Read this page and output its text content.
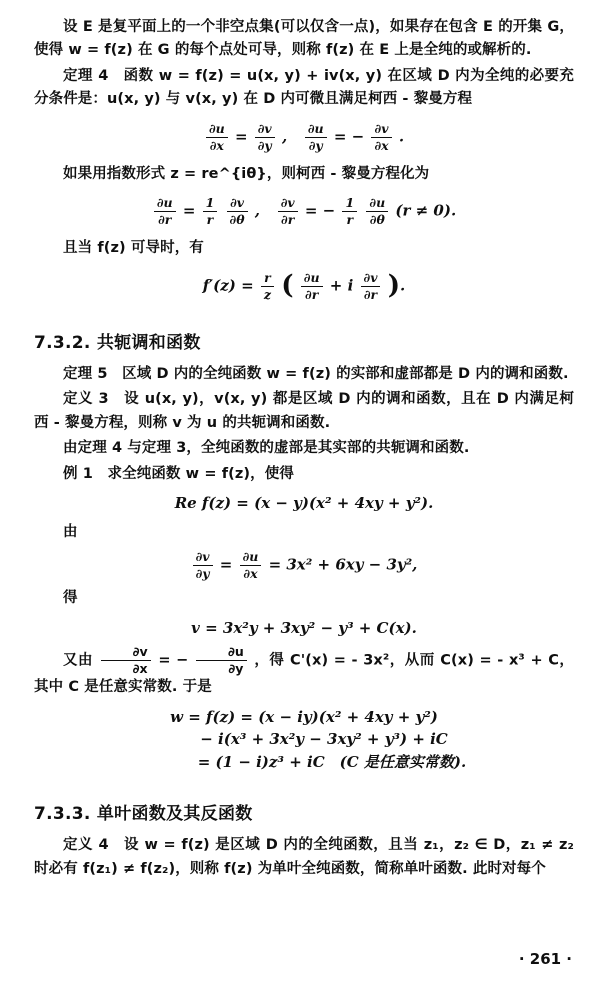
设 E 是复平面上的一个非空点集(可以仅含一点)，如果存在包含 E 的开集 G，使得 w = f(z) 在 G 的每个点处可导，则称 f(z) 在 E 上是全纯的或解析的.

定理 4　函数 w = f(z) = u(x, y) + iv(x, y) 在区域 D 内为全纯的必要充分条件是：u(x, y) 与 v(x, y) 在 D 内可微且满足柯西 - 黎曼方程

$\frac{\partial u}{\partial x} = \frac{\partial v}{\partial y}$ , $\frac{\partial u}{\partial y}$ = − $\frac{\partial v}{\partial x}$ .

如果用指数形式 z = re^{iθ}，则柯西 - 黎曼方程化为

$\frac{\partial u}{\partial r} = \frac{1}{r}$
$\frac{\partial v}{\partial\theta}$ , $\frac{\partial v}{\partial r}$ = − $\frac{1}{r}$
$\frac{\partial u}{\partial\theta} (r \ne 0)$.

且当 f(z) 可导时，有

$f'(z) = \frac{r}{z}$ ( $\frac{\partial u}{\partial r} + i \frac{\partial v}{\partial r}$ ).
7.3.2. 共轭调和函数

定理 5　区域 D 内的全纯函数 w = f(z) 的实部和虚部都是 D 内的调和函数.

定义 3　设 u(x, y)，v(x, y) 都是区域 D 内的调和函数，且在 D 内满足柯西 - 黎曼方程，则称 v 为 u 的共轭调和函数.

由定理 4 与定理 3，全纯函数的虚部是其实部的共轭调和函数.

例 1　求全纯函数 w = f(z)，使得

Re f(z) = (x − y)(x² + 4xy + y²).

由

$\frac{\partial v}{\partial y} = \frac{\partial u}{\partial x} = 3x^2 + 6xy - 3y^2$,

得

v = 3x²y + 3xy² − y³ + C(x).

又由 $\frac{\partial v}{\partial x}$ = − $\frac{\partial u}{\partial y}$ ，得 C'(x) = - 3x²，从而 C(x) = - x³ + C，其中 C 是任意实常数. 于是

w = f(z) = (x − iy)(x² + 4xy + y²)
− i(x³ + 3x²y − 3xy² + y³) + iC
= (1 − i)z³ + iC　(C 是任意实常数).
7.3.3. 单叶函数及其反函数

定义 4　设 w = f(z) 是区域 D 内的全纯函数，且当 z₁，z₂ ∈ D，z₁ ≠ z₂ 时必有 f(z₁) ≠ f(z₂)，则称 f(z) 为单叶全纯函数，简称单叶函数. 此时对每个

· 261 ·
